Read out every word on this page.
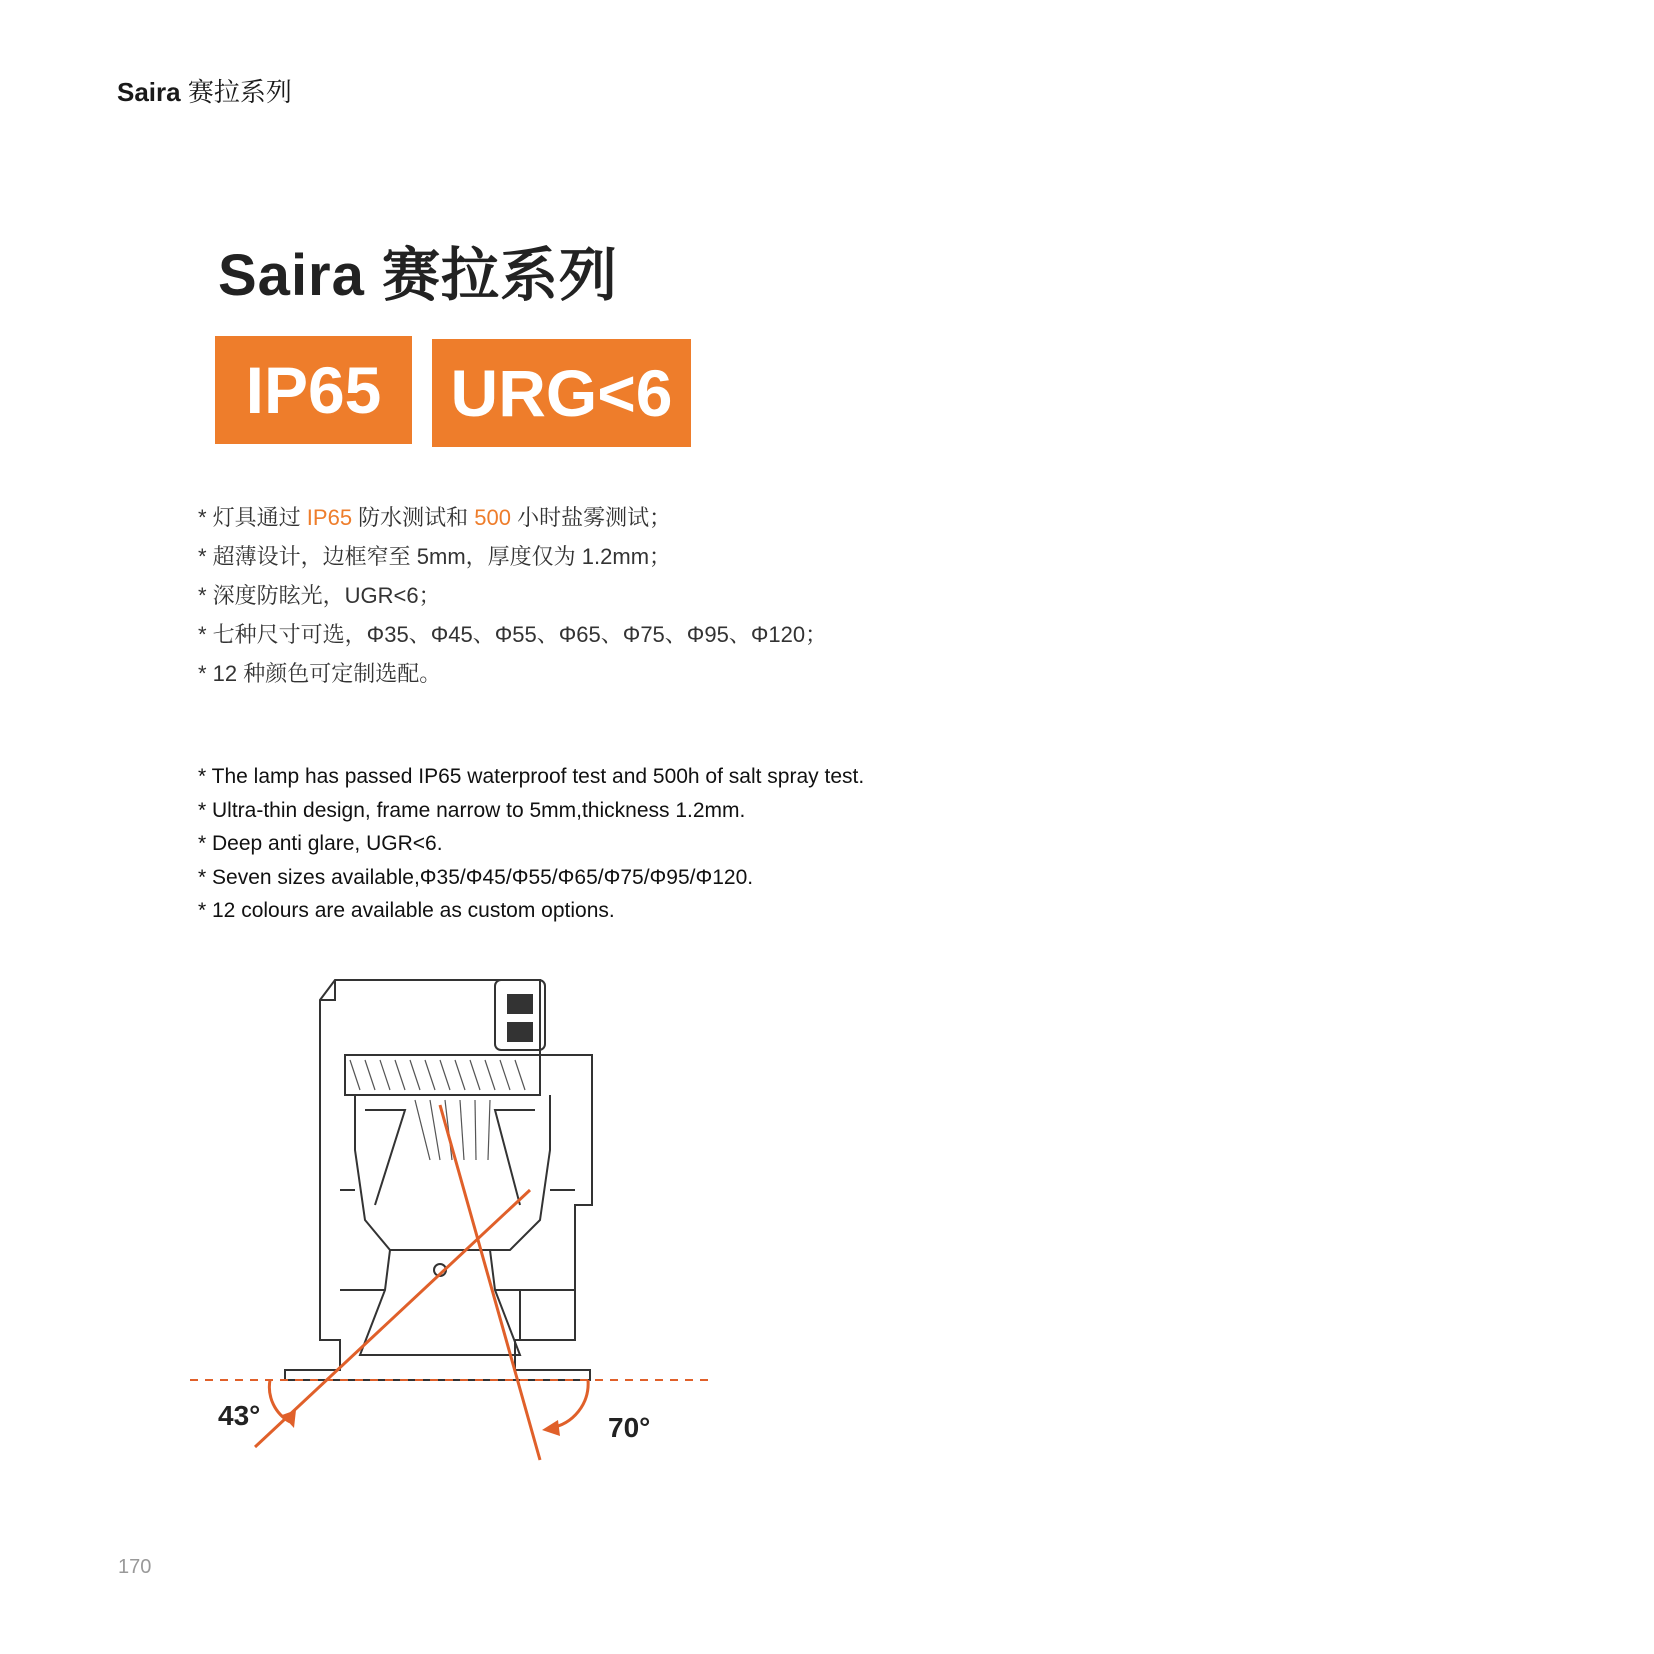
Saira 赛拉系列
Saira 赛拉系列
IP65	URG<6
* 灯具通过 IP65 防水测试和 500 小时盐雾测试；
* 超薄设计，边框窄至 5mm，厚度仅为 1.2mm；
* 深度防眩光，UGR<6；
* 七种尺寸可选，Φ35、Φ45、Φ55、Φ65、Φ75、Φ95、Φ120；
* 12 种颜色可定制选配。
* The lamp has passed IP65 waterproof test and 500h of salt spray test.
* Ultra-thin design, frame narrow to 5mm,thickness 1.2mm.
* Deep anti glare, UGR<6.
* Seven sizes available,Φ35/Φ45/Φ55/Φ65/Φ75/Φ95/Φ120.
* 12 colours are available as custom options.
43°	70°
170
